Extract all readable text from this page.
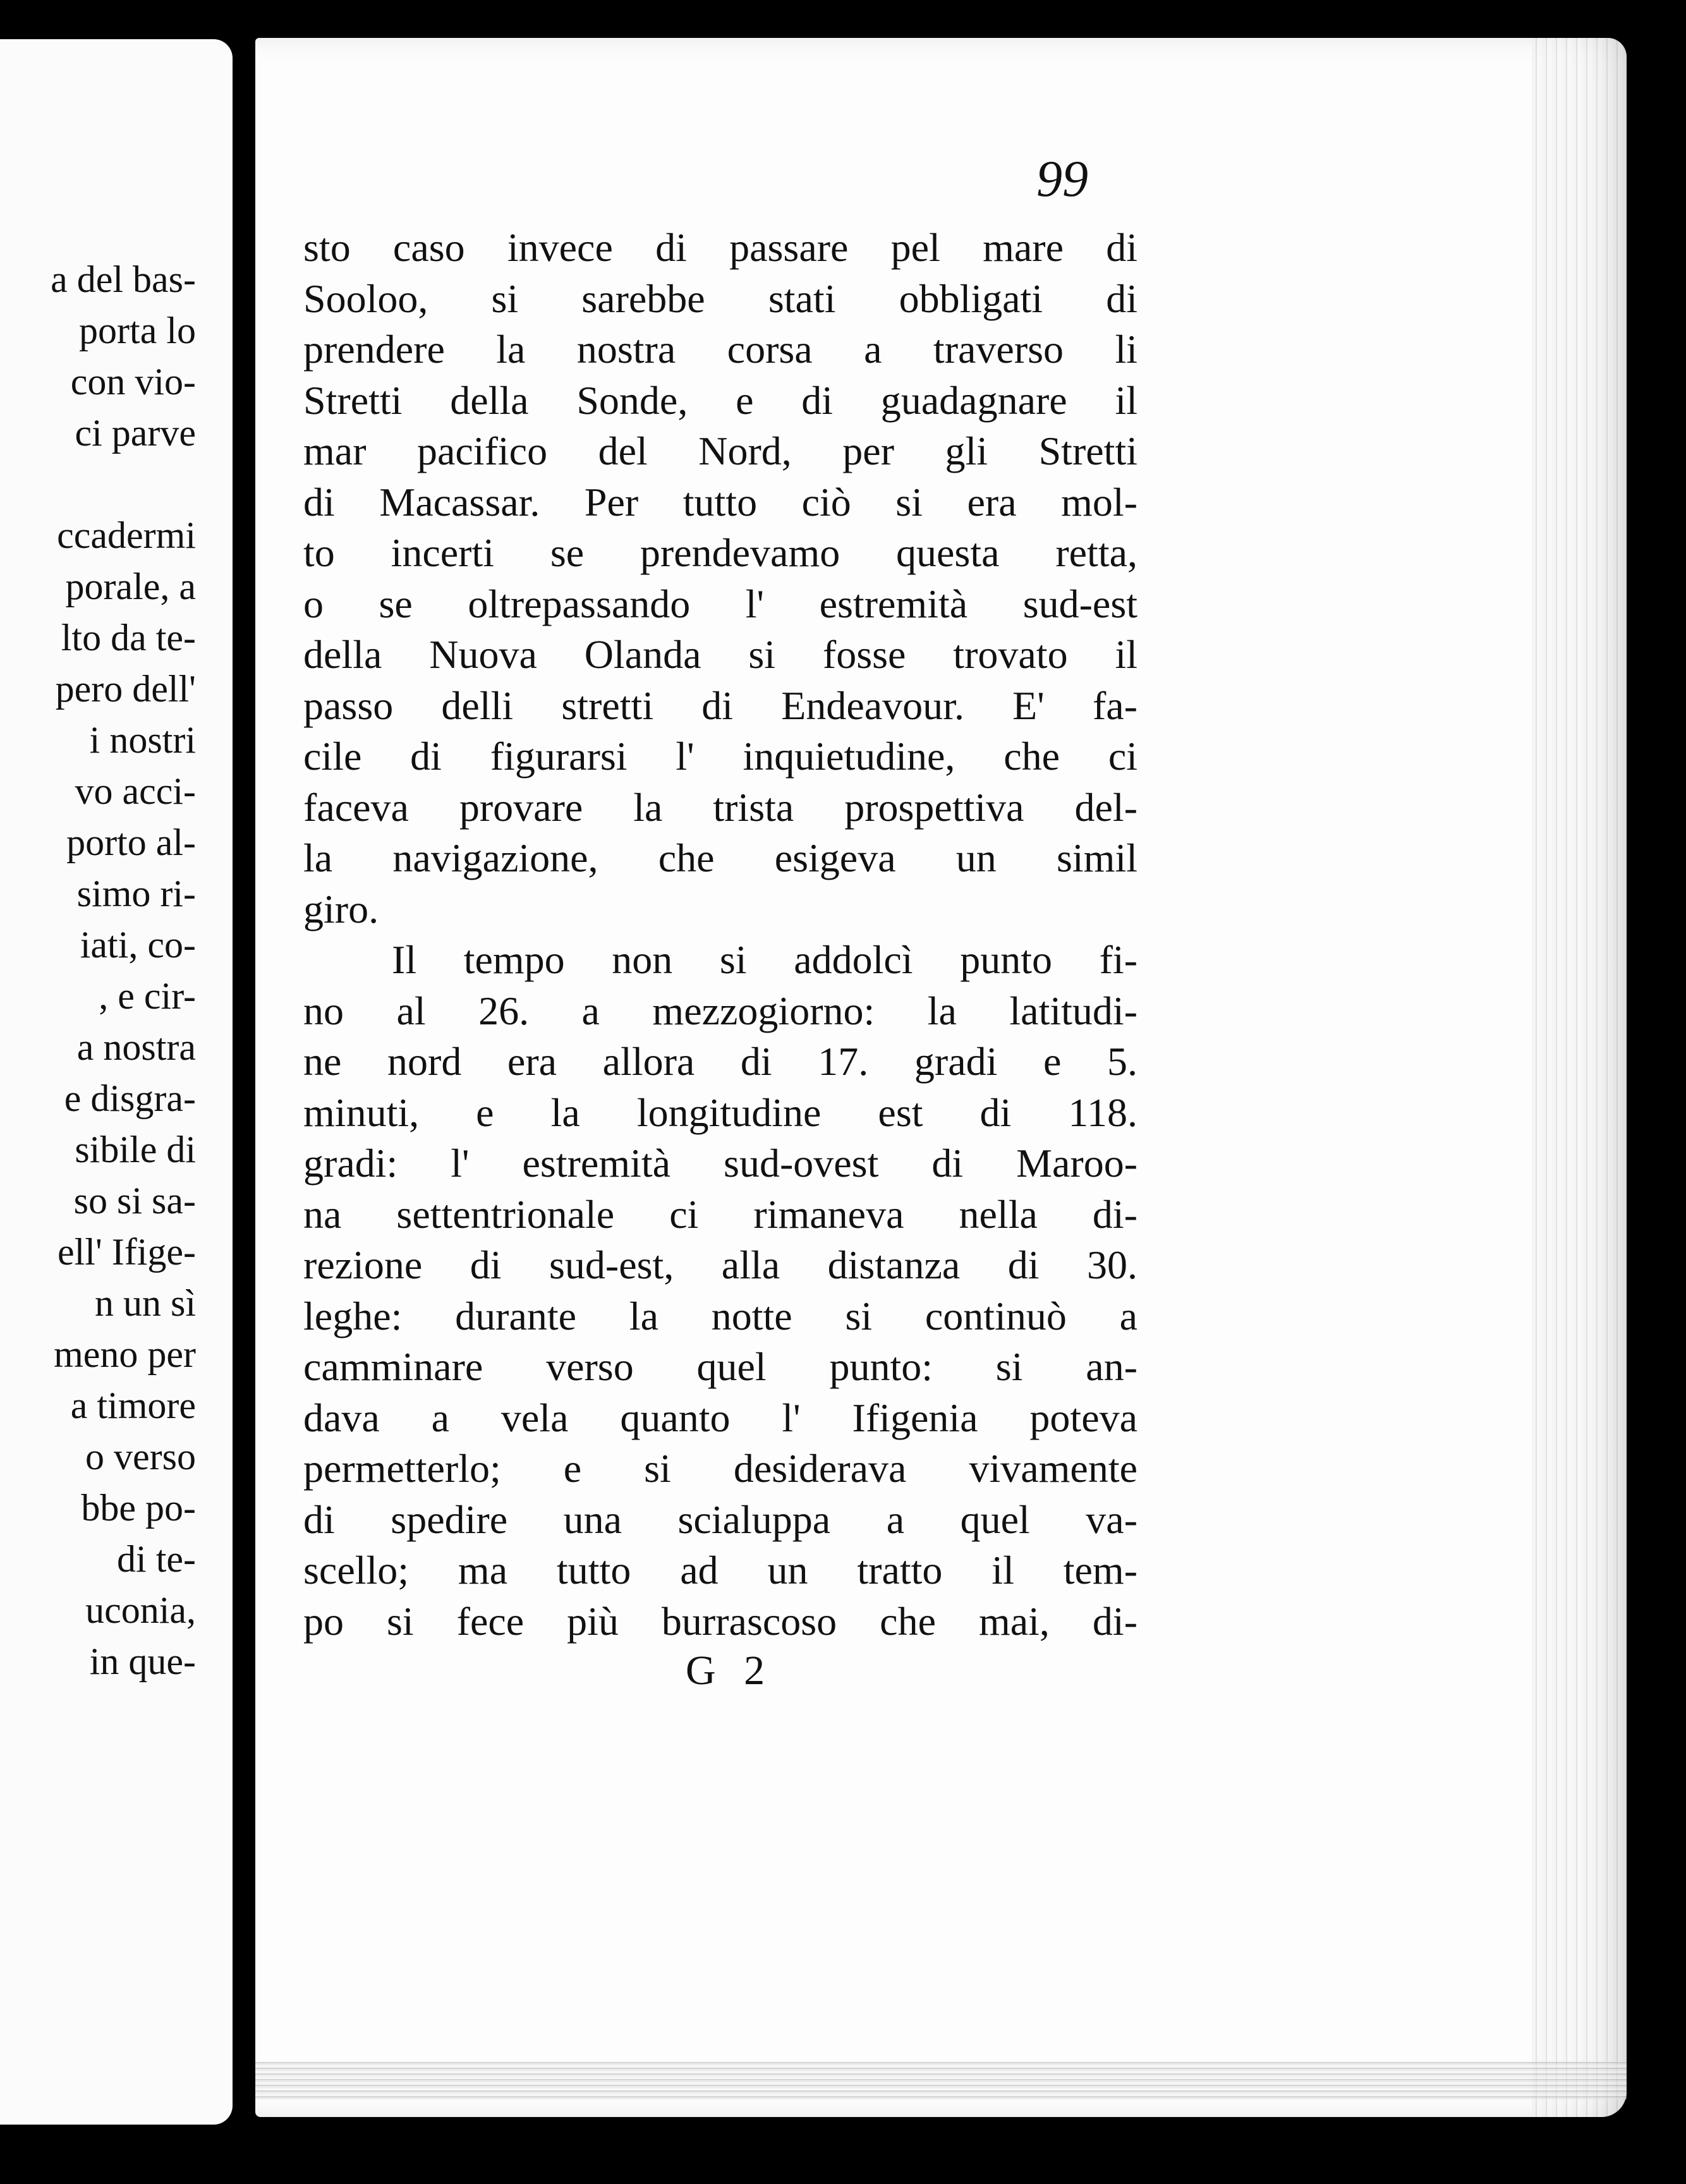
a del bas-
porta lo
con vio-
ci parve
ccadermi
porale, a
lto da te-
pero dell'
i nostri
vo acci-
porto al-
simo ri-
iati, co-
, e cir-
a nostra
e disgra-
sibile di
so si sa-
ell' Ifige-
n un sì
meno per
a timore
o verso
bbe po-
di te-
uconia,
in que-
99
sto caso invece di passare pel mare di
Sooloo, si sarebbe stati obbligati di
prendere la nostra corsa a traverso li
Stretti della Sonde, e di guadagnare il
mar pacifico del Nord, per gli Stretti
di Macassar. Per tutto ciò si era mol-
to incerti se prendevamo questa retta,
o se oltrepassando l' estremità sud-est
della Nuova Olanda si fosse trovato il
passo delli stretti di Endeavour. E' fa-
cile di figurarsi l' inquietudine, che ci
faceva provare la trista prospettiva del-
la navigazione, che esigeva un simil
giro.
Il tempo non si addolcì punto fi-
no al 26. a mezzogiorno: la latitudi-
ne nord era allora di 17. gradi e 5.
minuti, e la longitudine est di 118.
gradi: l' estremità sud-ovest di Maroo-
na settentrionale ci rimaneva nella di-
rezione di sud-est, alla distanza di 30.
leghe: durante la notte si continuò a
camminare verso quel punto: si an-
dava a vela quanto l' Ifigenia poteva
permetterlo; e si desiderava vivamente
di spedire una scialuppa a quel va-
scello; ma tutto ad un tratto il tem-
po si fece più burrascoso che mai, di-
G 2
